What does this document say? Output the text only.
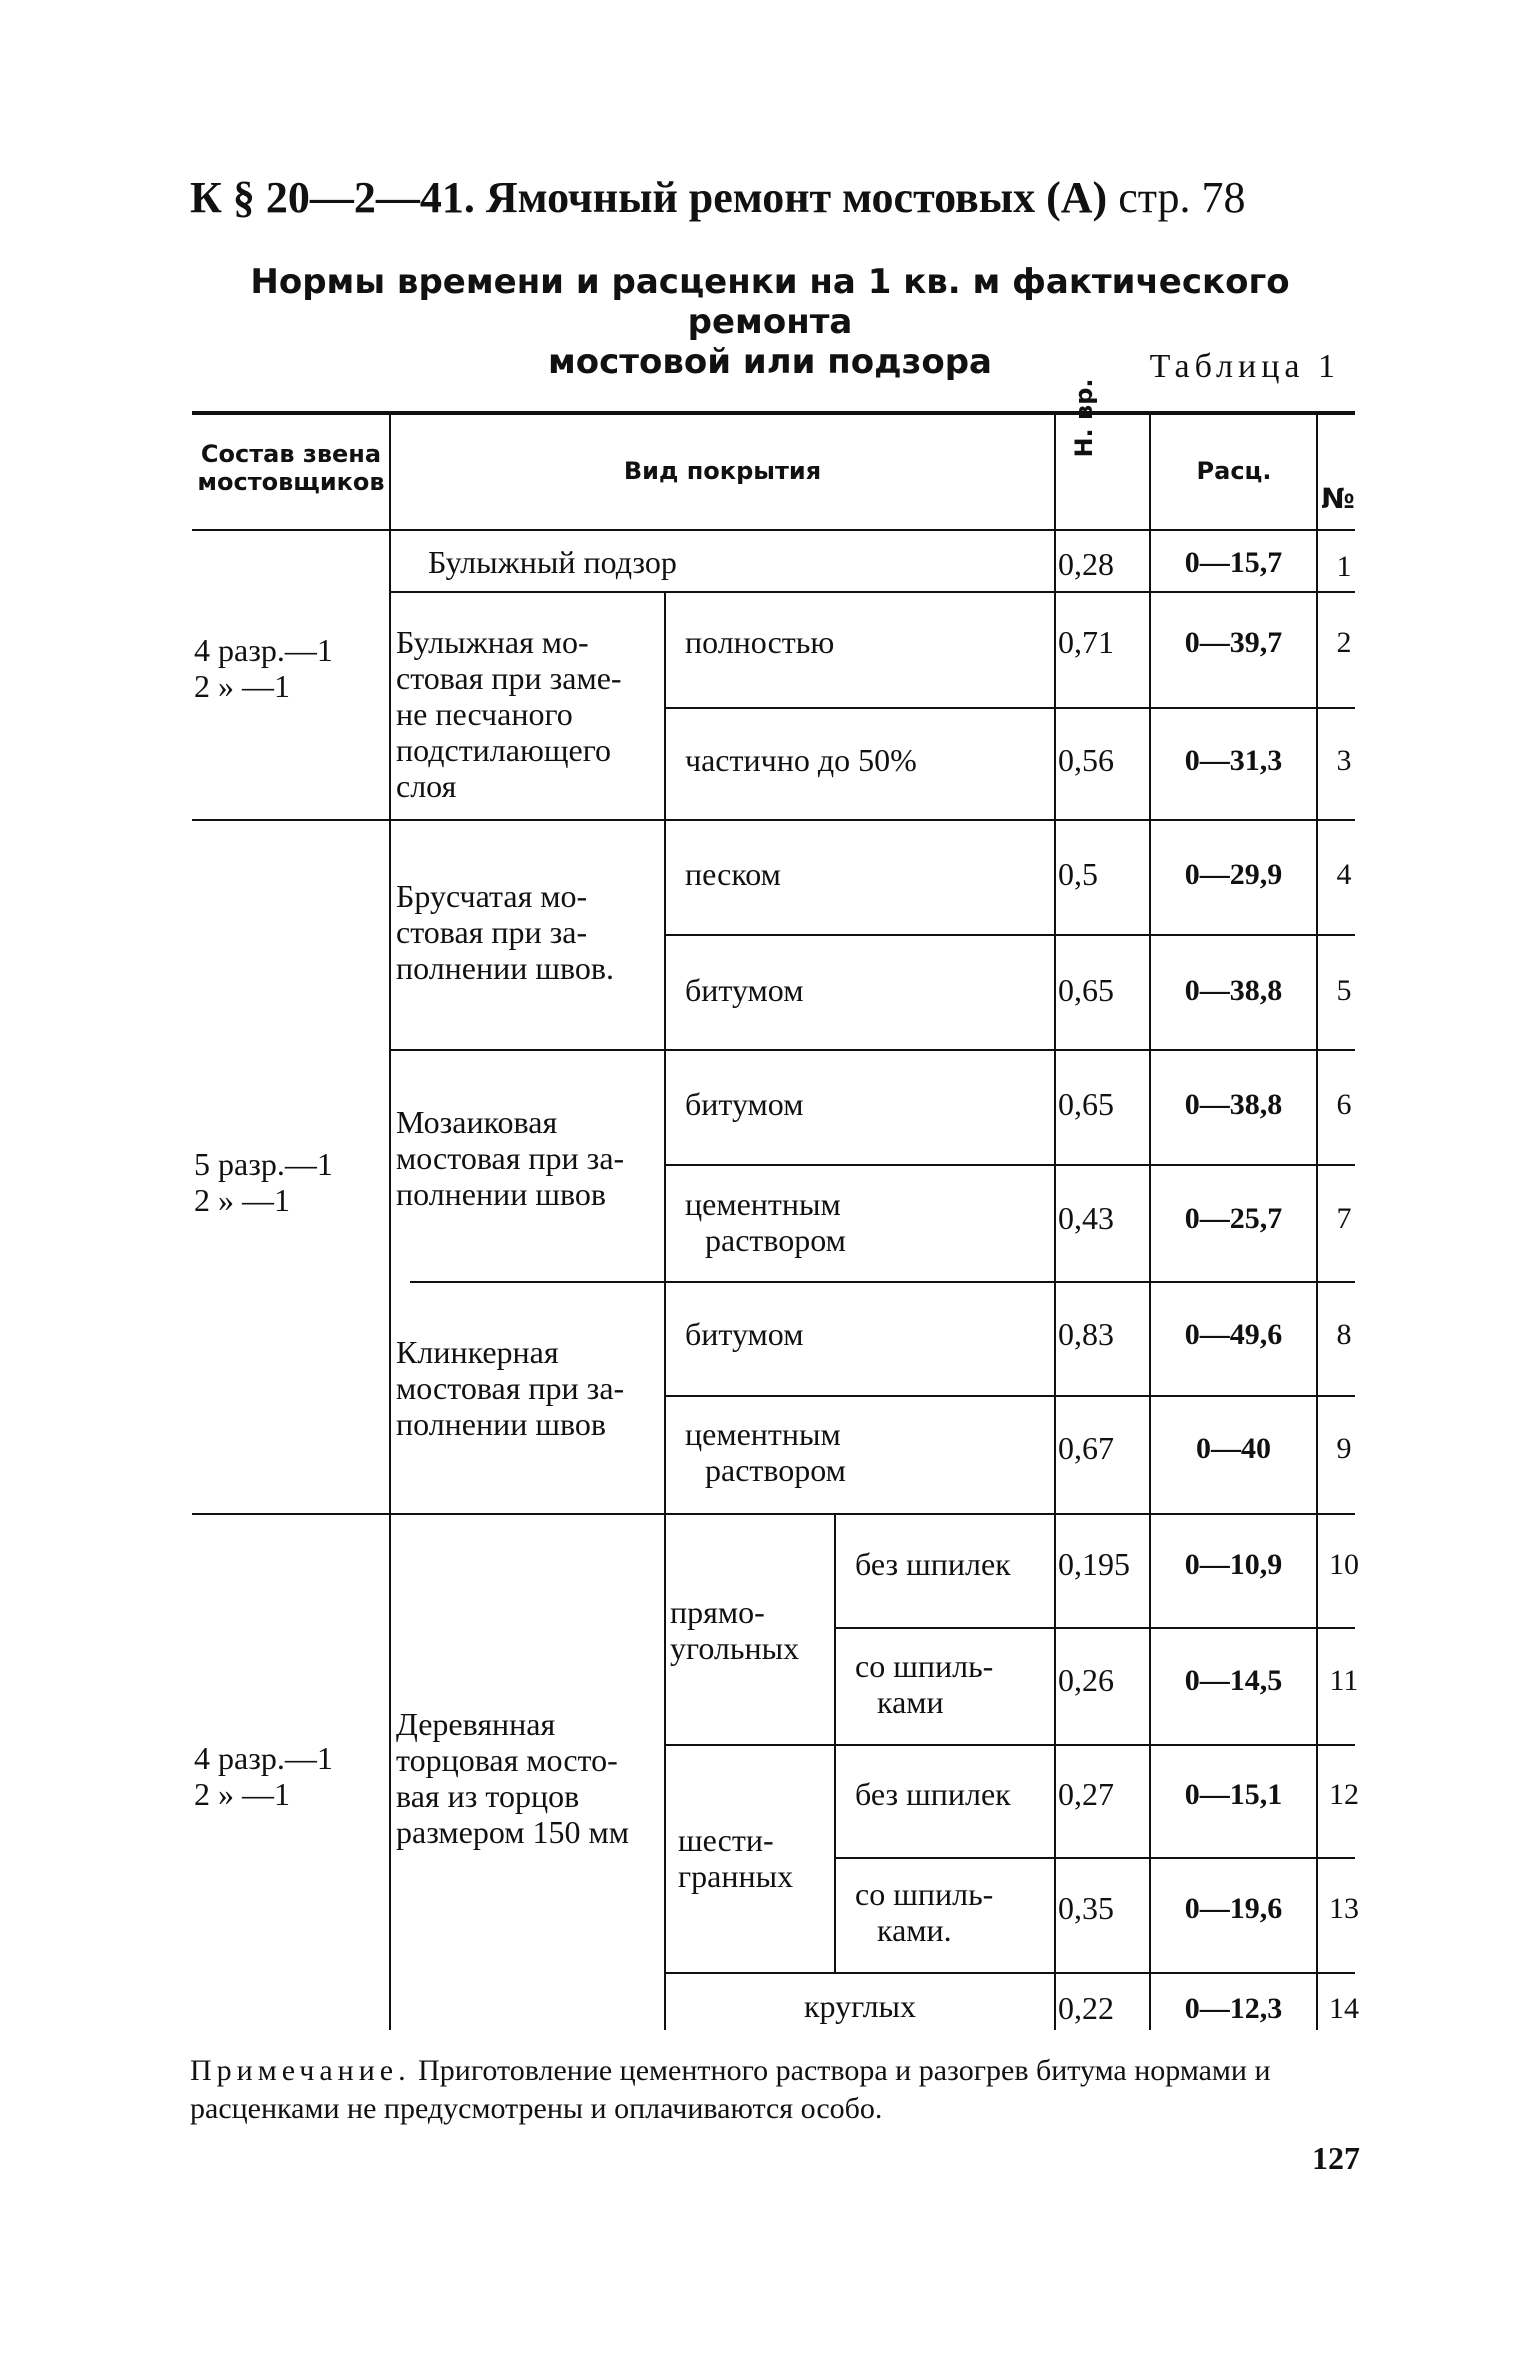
К § 20—2—41. Ямочный ремонт мостовых (А) стр. 78
Нормы времени и расценки на 1 кв. м фактического ремонта
мостовой или подзора	Таблица 1
Состав звена
мостовщиков	Вид покрытия
Н. вр.
Расц.
№
4 разр.—1
2 » —1
5 разр.—1
2 » —1
4 разр.—1
2 » —1
Булыжный подзор
Булыжная мо-
стовая при заме-
не песчаного
подстилающего
слоя
Брусчатая мо-
стовая при за-
полнении швов.
Мозаиковая
мостовая при за-
полнении швов
Клинкерная
мостовая при за-
полнении швов
Деревянная
торцовая мосто-
вая из торцов
размером 150 мм
прямо-
угольных
шести-
гранных
круглых
полностью
частично до 50%
песком
битумом
битумом
цементным
раствором
битумом
цементным
раствором
без шпилек
со шпиль-
ками
без шпилек
со шпиль-
ками.
0,28
0,71
0,56
0,5
0,65
0,65
0,43
0,83
0,67
0,195
0,26
0,27
0,35
0,22
0—15,7
0—39,7
0—31,3
0—29,9
0—38,8
0—38,8
0—25,7
0—49,6
0—40
0—10,9
0—14,5
0—15,1
0—19,6
0—12,3
1
2
3
4
5
6
7
8
9
10
11
12
13
14
Примечание. Приготовление цементного раствора и разогрев битума нормами и расценками не предусмотрены и оплачиваются особо.
127
